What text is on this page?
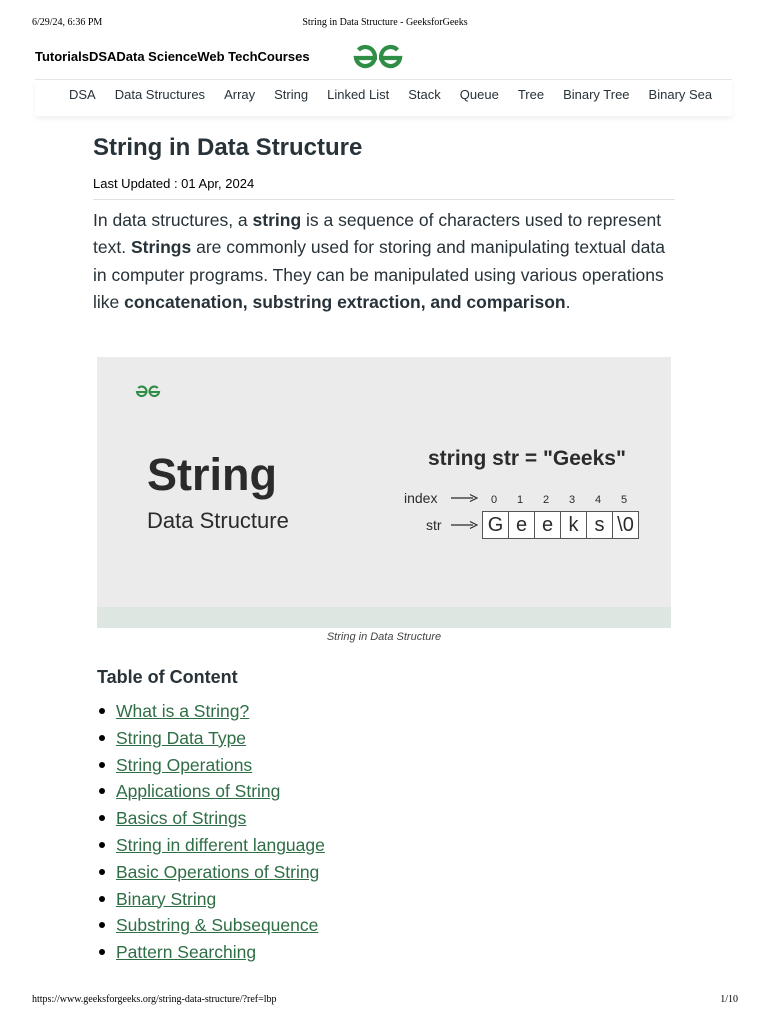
6/29/24, 6:36 PM	String in Data Structure - GeeksforGeeks
TutorialsDSAData ScienceWeb TechCourses
DSA Data Structures Array String Linked List Stack Queue Tree Binary Tree Binary Sea
String in Data Structure
Last Updated : 01 Apr, 2024

In data structures, a string is a sequence of characters used to represent text. Strings are commonly used for storing and manipulating textual data in computer programs. They can be manipulated using various operations like concatenation, substring extraction, and comparison.

String
Data Structure
string str = "Geeks"
index
str
0	1	2	3	4	5
G e e k s \0
String in Data Structure
Table of Content
What is a String?
String Data Type
String Operations
Applications of String
Basics of Strings
String in different language
Basic Operations of String
Binary String
Substring & Subsequence
Pattern Searching
https://www.geeksforgeeks.org/string-data-structure/?ref=lbp	1/10
